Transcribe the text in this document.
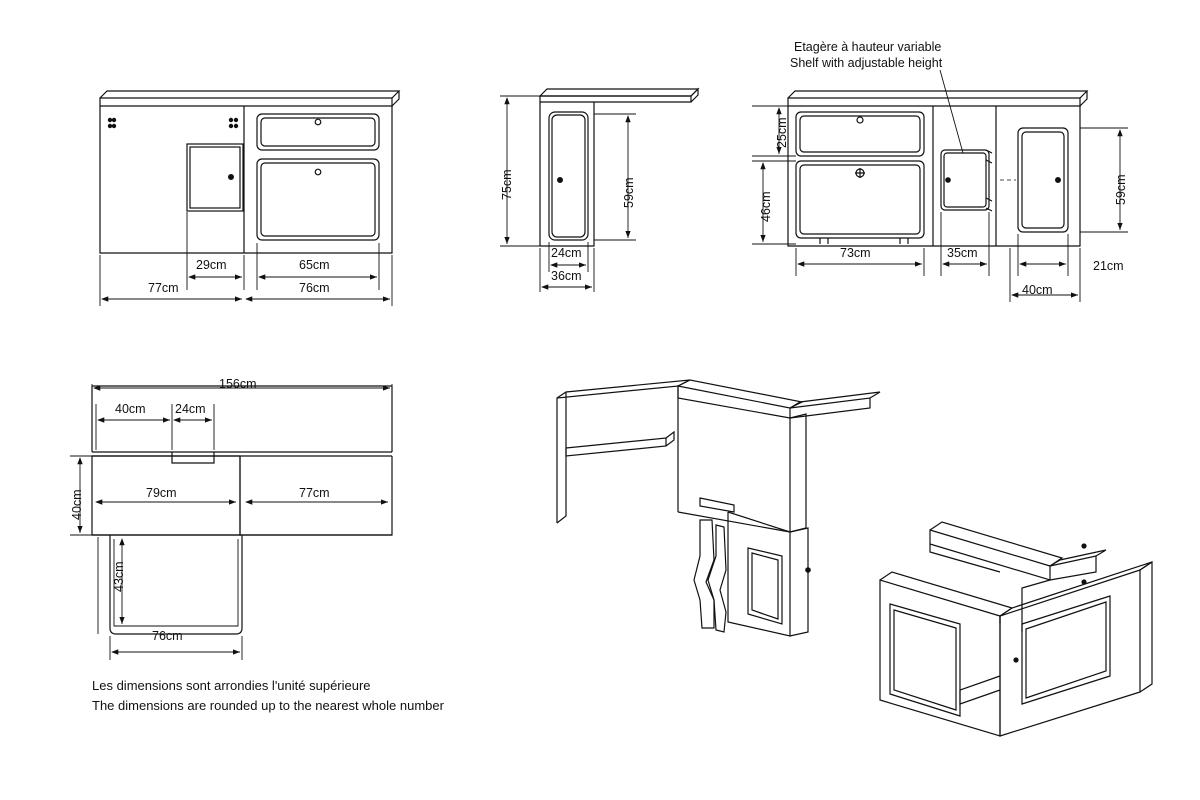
Etagère à hauteur variable
Shelf with adjustable height
29cm	65cm
77cm	76cm
75cm	59cm
24cm
36cm
25cm
46cm
59cm
73cm	35cm
21cm
40cm
156cm
40cm 24cm
40cm	79cm	77cm
43cm
76cm
Les dimensions sont arrondies l'unité supérieure
The dimensions are rounded up to the nearest whole number
